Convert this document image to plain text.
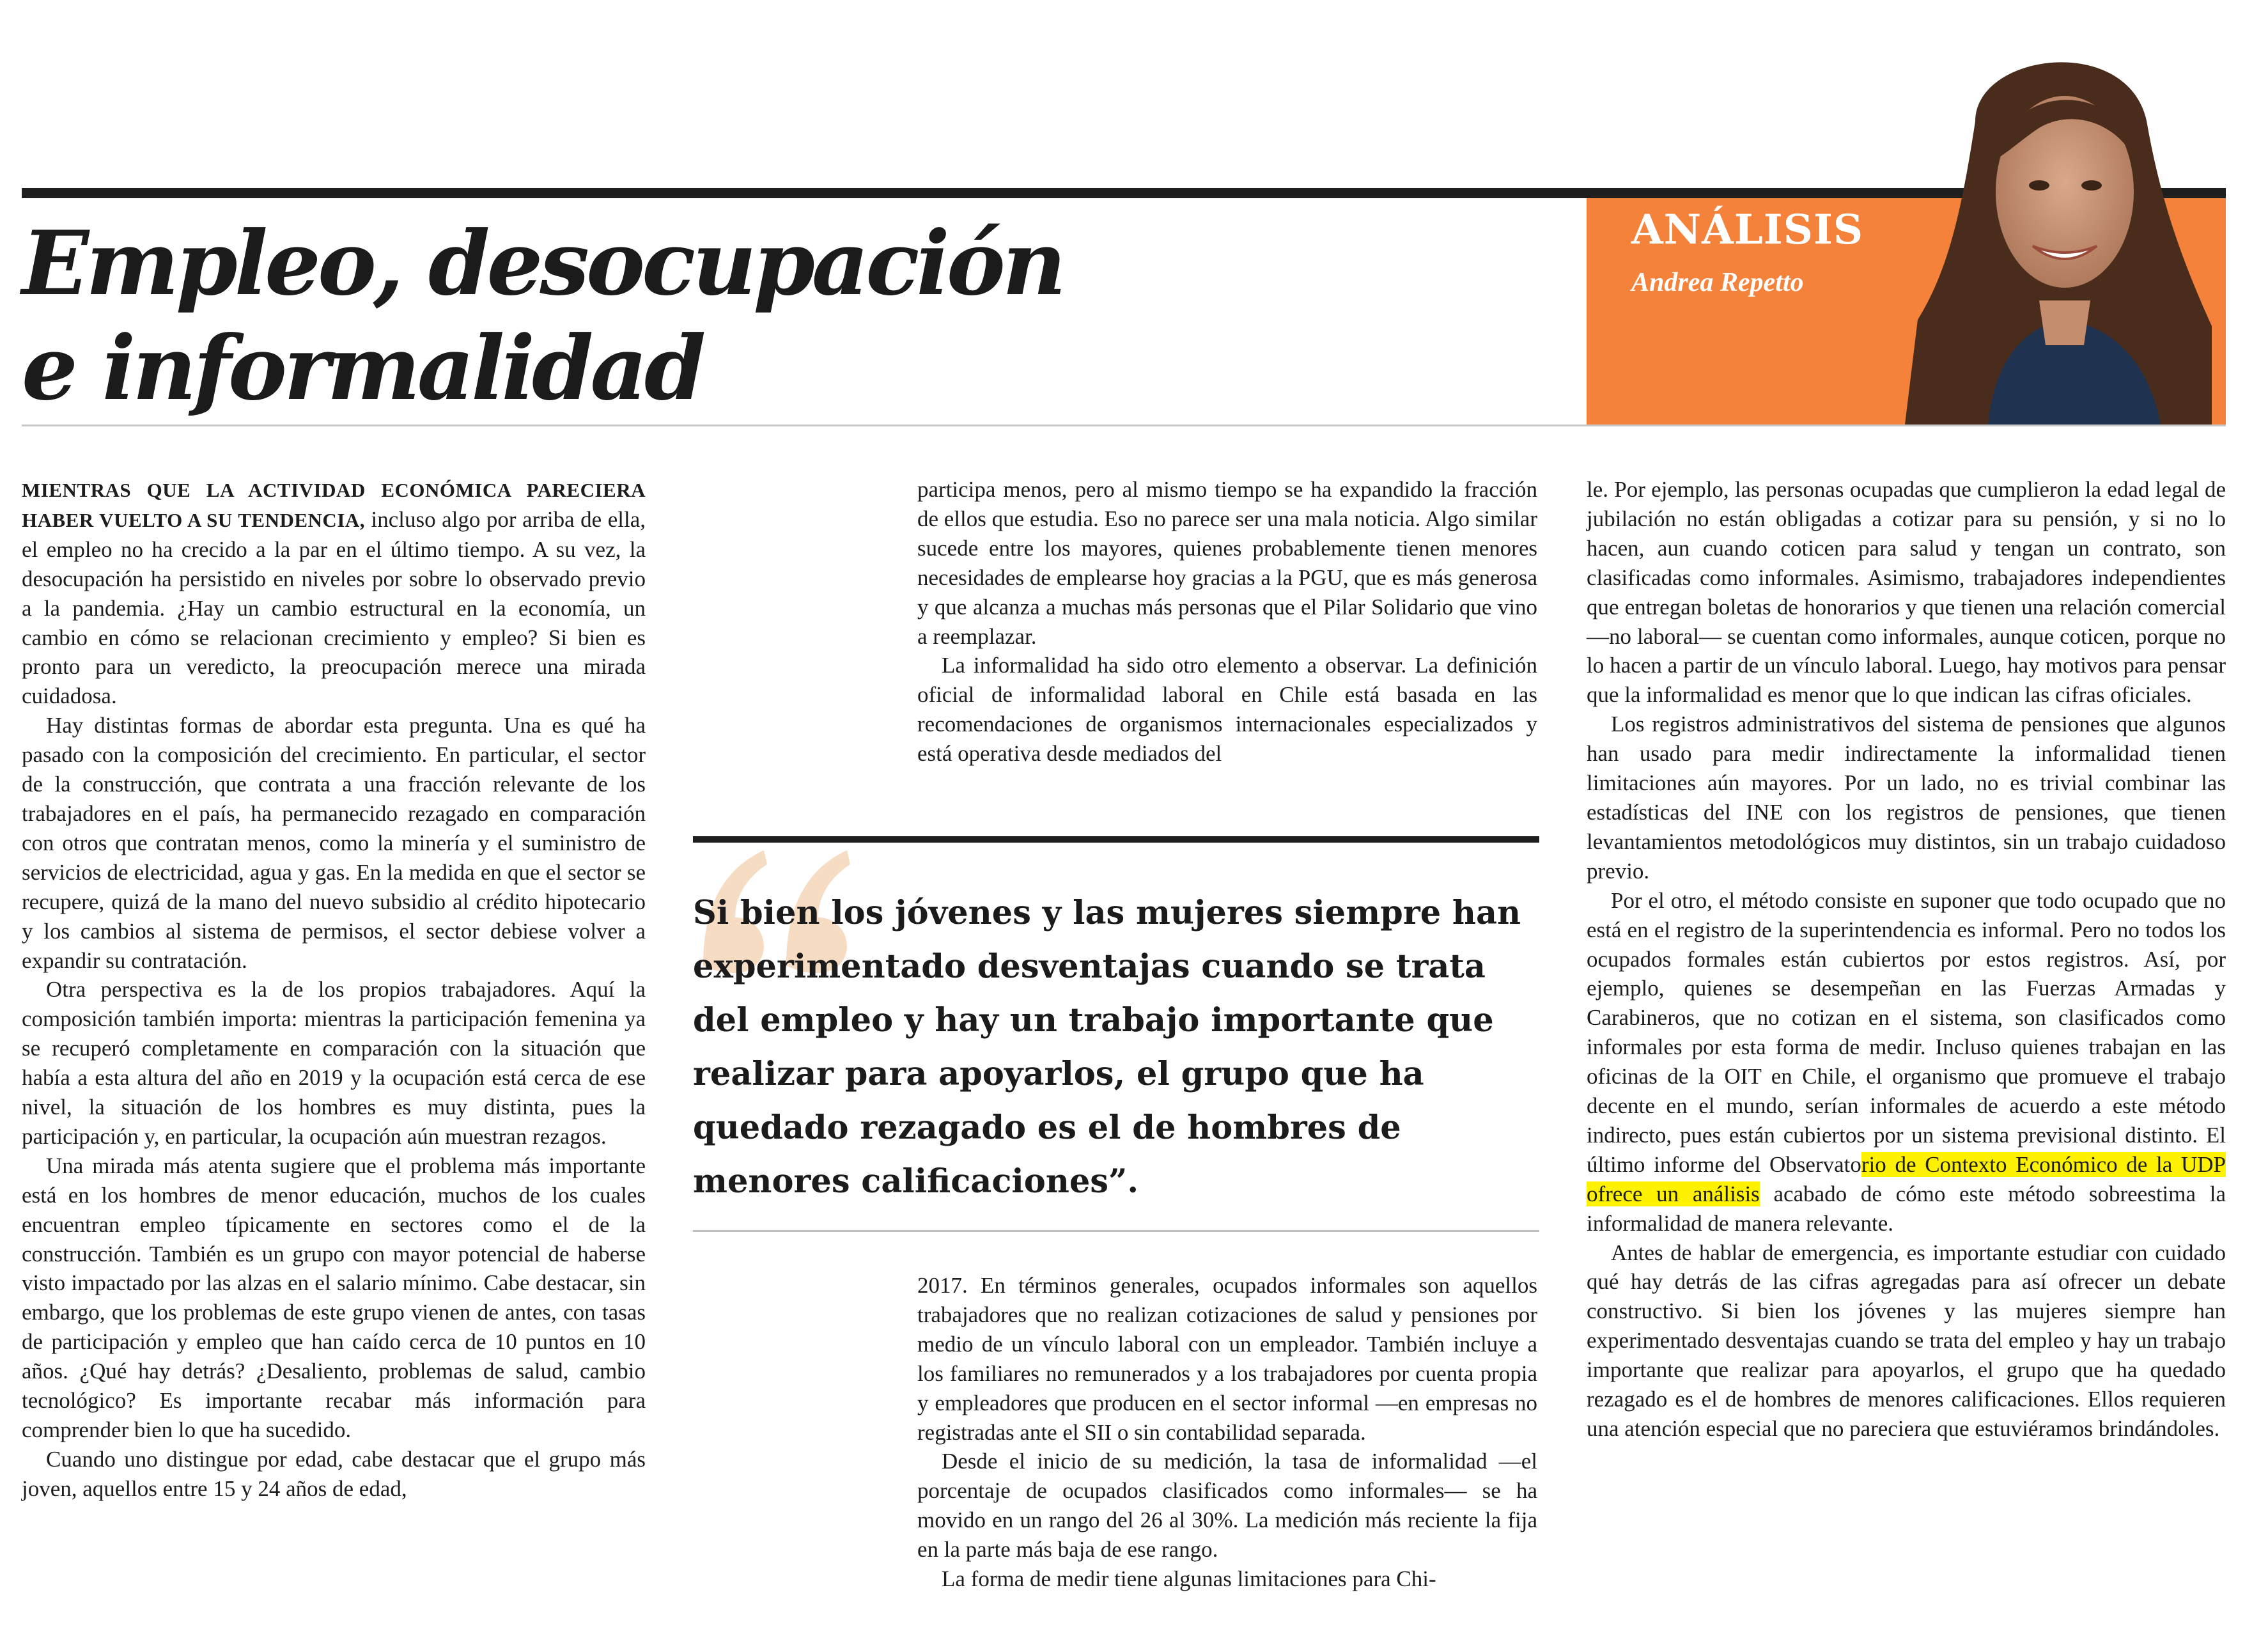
Empleo, desocupación
e informalidad

ANÁLISIS

Andrea Repetto

MIENTRAS QUE LA ACTIVIDAD ECONÓMICA PARECIERA HABER VUELTO A SU TENDENCIA, incluso algo por arriba de ella, el empleo no ha crecido a la par en el último tiempo. A su vez, la desocupación ha persistido en niveles por sobre lo observado previo a la pandemia. ¿Hay un cambio estructural en la economía, un cambio en cómo se relacionan crecimiento y empleo? Si bien es pronto para un veredicto, la preocupación merece una mirada cuidadosa.

Hay distintas formas de abordar esta pregunta. Una es qué ha pasado con la composición del crecimiento. En particular, el sector de la construcción, que contrata a una fracción relevante de los trabajadores en el país, ha permanecido rezagado en comparación con otros que contratan menos, como la minería y el suministro de servicios de electricidad, agua y gas. En la medida en que el sector se recupere, quizá de la mano del nuevo subsidio al crédito hipotecario y los cambios al sistema de permisos, el sector debiese volver a expandir su contratación.

Otra perspectiva es la de los propios trabajadores. Aquí la composición también importa: mientras la participación femenina ya se recuperó completamente en comparación con la situación que había a esta altura del año en 2019 y la ocupación está cerca de ese nivel, la situación de los hombres es muy distinta, pues la participación y, en particular, la ocupación aún muestran rezagos.

Una mirada más atenta sugiere que el problema más importante está en los hombres de menor educación, muchos de los cuales encuentran empleo típicamente en sectores como el de la construcción. También es un grupo con mayor potencial de haberse visto impactado por las alzas en el salario mínimo. Cabe destacar, sin embargo, que los problemas de este grupo vienen de antes, con tasas de participación y empleo que han caído cerca de 10 puntos en 10 años. ¿Qué hay detrás? ¿Desaliento, problemas de salud, cambio tecnológico? Es importante recabar más información para comprender bien lo que ha sucedido.

Cuando uno distingue por edad, cabe destacar que el grupo más joven, aquellos entre 15 y 24 años de edad,

participa menos, pero al mismo tiempo se ha expandido la fracción de ellos que estudia. Eso no parece ser una mala noticia. Algo similar sucede entre los mayores, quienes probablemente tienen menores necesidades de emplearse hoy gracias a la PGU, que es más generosa y que alcanza a muchas más personas que el Pilar Solidario que vino a reemplazar.

La informalidad ha sido otro elemento a observar. La definición oficial de informalidad laboral en Chile está basada en las recomendaciones de organismos internacionales especializados y está operativa desde mediados del

Si bien los jóvenes y las mujeres siempre han experimentado desventajas cuando se trata del empleo y hay un trabajo importante que realizar para apoyarlos, el grupo que ha quedado rezagado es el de hombres de menores calificaciones”.

2017. En términos generales, ocupados informales son aquellos trabajadores que no realizan cotizaciones de salud y pensiones por medio de un vínculo laboral con un empleador. También incluye a los familiares no remunerados y a los trabajadores por cuenta propia y empleadores que producen en el sector informal —en empresas no registradas ante el SII o sin contabilidad separada.

Desde el inicio de su medición, la tasa de informalidad —el porcentaje de ocupados clasificados como informales— se ha movido en un rango del 26 al 30%. La medición más reciente la fija en la parte más baja de ese rango.

La forma de medir tiene algunas limitaciones para Chi-

le. Por ejemplo, las personas ocupadas que cumplieron la edad legal de jubilación no están obligadas a cotizar para su pensión, y si no lo hacen, aun cuando coticen para salud y tengan un contrato, son clasificadas como informales. Asimismo, trabajadores independientes que entregan boletas de honorarios y que tienen una relación comercial —no laboral— se cuentan como informales, aunque coticen, porque no lo hacen a partir de un vínculo laboral. Luego, hay motivos para pensar que la informalidad es menor que lo que indican las cifras oficiales.

Los registros administrativos del sistema de pensiones que algunos han usado para medir indirectamente la informalidad tienen limitaciones aún mayores. Por un lado, no es trivial combinar las estadísticas del INE con los registros de pensiones, que tienen levantamientos metodológicos muy distintos, sin un trabajo cuidadoso previo.

Por el otro, el método consiste en suponer que todo ocupado que no está en el registro de la superintendencia es informal. Pero no todos los ocupados formales están cubiertos por estos registros. Así, por ejemplo, quienes se desempeñan en las Fuerzas Armadas y Carabineros, que no cotizan en el sistema, son clasificados como informales por esta forma de medir. Incluso quienes trabajan en las oficinas de la OIT en Chile, el organismo que promueve el trabajo decente en el mundo, serían informales de acuerdo a este método indirecto, pues están cubiertos por un sistema previsional distinto. El último informe del Observatorio de Contexto Económico de la UDP ofrece un análisis acabado de cómo este método sobreestima la informalidad de manera relevante.

Antes de hablar de emergencia, es importante estudiar con cuidado qué hay detrás de las cifras agregadas para así ofrecer un debate constructivo. Si bien los jóvenes y las mujeres siempre han experimentado desventajas cuando se trata del empleo y hay un trabajo importante que realizar para apoyarlos, el grupo que ha quedado rezagado es el de hombres de menores calificaciones. Ellos requieren una atención especial que no pareciera que estuviéramos brindándoles.
